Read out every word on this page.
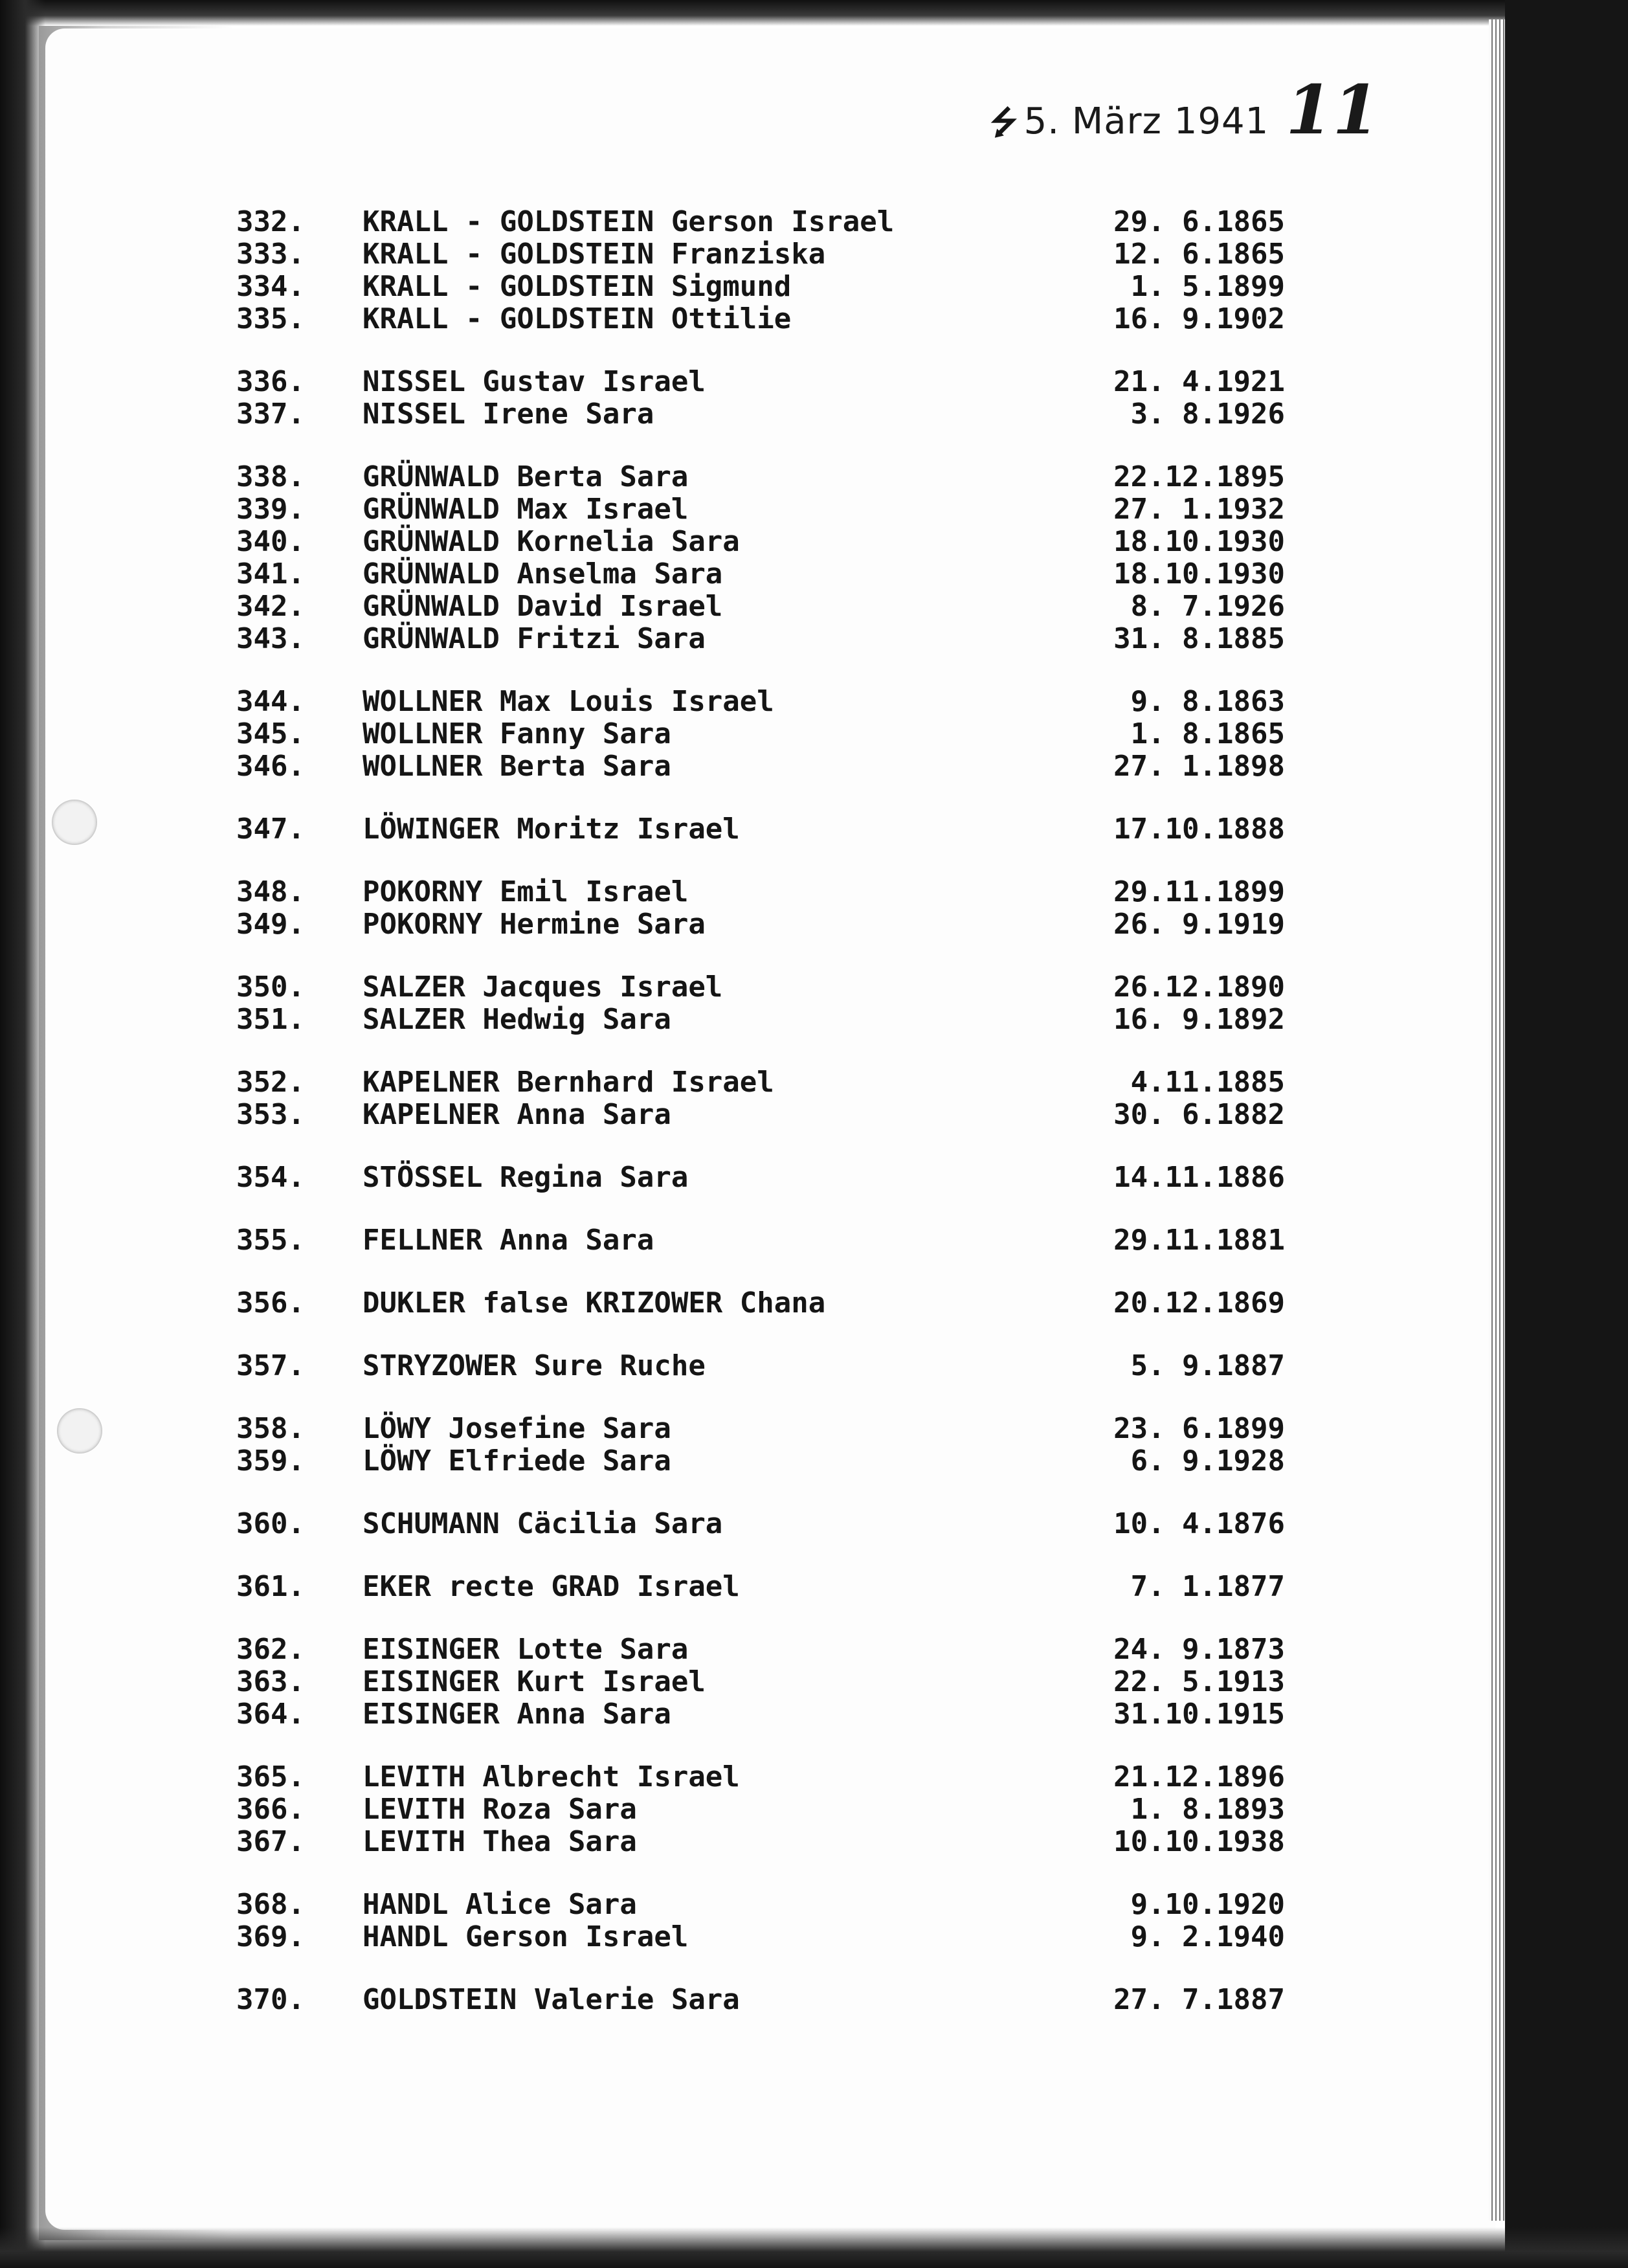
⭍ 5. März 1941 11
332.	KRALL - GOLDSTEIN Gerson Israel	29. 6.1865
333.	KRALL - GOLDSTEIN Franziska	12. 6.1865
334.	KRALL - GOLDSTEIN Sigmund	1. 5.1899
335.	KRALL - GOLDSTEIN Ottilie	16. 9.1902
336.	NISSEL Gustav Israel	21. 4.1921
337.	NISSEL Irene Sara	3. 8.1926
338.	GRÜNWALD Berta Sara	22.12.1895
339.	GRÜNWALD Max Israel	27. 1.1932
340.	GRÜNWALD Kornelia Sara	18.10.1930
341.	GRÜNWALD Anselma Sara	18.10.1930
342.	GRÜNWALD David Israel	8. 7.1926
343.	GRÜNWALD Fritzi Sara	31. 8.1885
344.	WOLLNER Max Louis Israel	9. 8.1863
345.	WOLLNER Fanny Sara	1. 8.1865
346.	WOLLNER Berta Sara	27. 1.1898
347.	LÖWINGER Moritz Israel	17.10.1888
348.	POKORNY Emil Israel	29.11.1899
349.	POKORNY Hermine Sara	26. 9.1919
350.	SALZER Jacques Israel	26.12.1890
351.	SALZER Hedwig Sara	16. 9.1892
352.	KAPELNER Bernhard Israel	4.11.1885
353.	KAPELNER Anna Sara	30. 6.1882
354.	STÖSSEL Regina Sara	14.11.1886
355.	FELLNER Anna Sara	29.11.1881
356.	DUKLER false KRIZOWER Chana	20.12.1869
357.	STRYZOWER Sure Ruche	5. 9.1887
358.	LÖWY Josefine Sara	23. 6.1899
359.	LÖWY Elfriede Sara	6. 9.1928
360.	SCHUMANN Cäcilia Sara	10. 4.1876
361.	EKER recte GRAD Israel	7. 1.1877
362.	EISINGER Lotte Sara	24. 9.1873
363.	EISINGER Kurt Israel	22. 5.1913
364.	EISINGER Anna Sara	31.10.1915
365.	LEVITH Albrecht Israel	21.12.1896
366.	LEVITH Roza Sara	1. 8.1893
367.	LEVITH Thea Sara	10.10.1938
368.	HANDL Alice Sara	9.10.1920
369.	HANDL Gerson Israel	9. 2.1940
370.	GOLDSTEIN Valerie Sara	27. 7.1887
